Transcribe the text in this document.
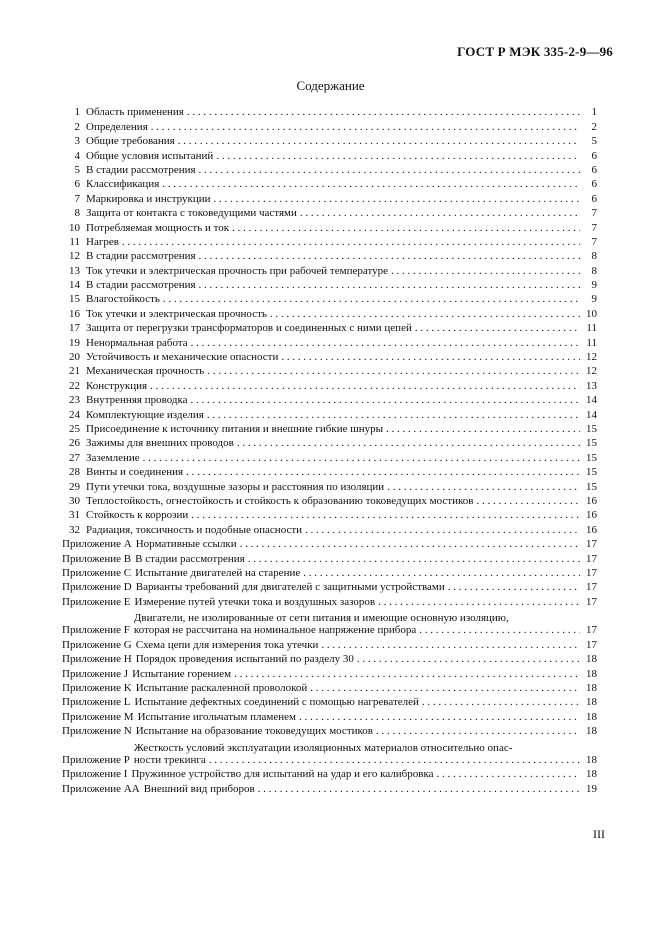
ГОСТ Р МЭК 335-2-9—96
Содержание
1 Область применения . . .	1
2 Определения . . .	2
3 Общие требования . . .	5
4 Общие условия испытаний . . .	6
5 В стадии рассмотрения . . .	6
6 Классификация . . .	6
7 Маркировка и инструкции . . .	6
8 Защита от контакта с токоведущими частями . . .	7
10 Потребляемая мощность и ток . . .	7
11 Нагрев . . .	7
12 В стадии рассмотрения . . .	8
13 Ток утечки и электрическая прочность при рабочей температуре . . .	8
14 В стадии рассмотрения . . .	9
15 Влагостойкость . . .	9
16 Ток утечки и электрическая прочность . . .	10
17 Защита от перегрузки трансформаторов и соединенных с ними цепей . . .	11
19 Ненормальная работа . . .	11
20 Устойчивость и механические опасности . . .	12
21 Механическая прочность . . .	12
22 Конструкция . . .	13
23 Внутренняя проводка . . .	14
24 Комплектующие изделия . . .	14
25 Присоединение к источнику питания и внешние гибкие шнуры . . .	15
26 Зажимы для внешних проводов . . .	15
27 Заземление . . .	15
28 Винты и соединения . . .	15
29 Пути утечки тока, воздушные зазоры и расстояния по изоляции . . .	15
30 Теплостойкость, огнестойкость и стойкость к образованию токоведущих мостиков . . .	16
31 Стойкость к коррозии . . .	16
32 Радиация, токсичность и подобные опасности . . .	16
Приложение A Нормативные ссылки . . .	17
Приложение B В стадии рассмотрения . . .	17
Приложение C Испытание двигателей на старение . . .	17
Приложение D Варианты требований для двигателей с защитными устройствами . . .	17
Приложение E Измерение путей утечки тока и воздушных зазоров . . .	17
Приложение F
Двигатели, не изолированные от сети питания и имеющие основную изоляцию,
которая не рассчитана на номинальное напряжение прибора . . .	17
Приложение G Схема цепи для измерения тока утечки . . .	17
Приложение H Порядок проведения испытаний по разделу 30 . . .	18
Приложение J Испытание горением . . .	18
Приложение K Испытание раскаленной проволокой . . .	18
Приложение L Испытание дефектных соединений с помощью нагревателей . . .	18
Приложение M Испытание игольчатым пламенем . . .	18
Приложение N Испытание на образование токоведущих мостиков . . .	18
Приложение P
Жесткость условий эксплуатации изоляционных материалов относительно опас-
ности трекинга . . .	18
Приложение I Пружинное устройство для испытаний на удар и его калибровка . . .	18
Приложение AA Внешний вид приборов . . .	19
III
